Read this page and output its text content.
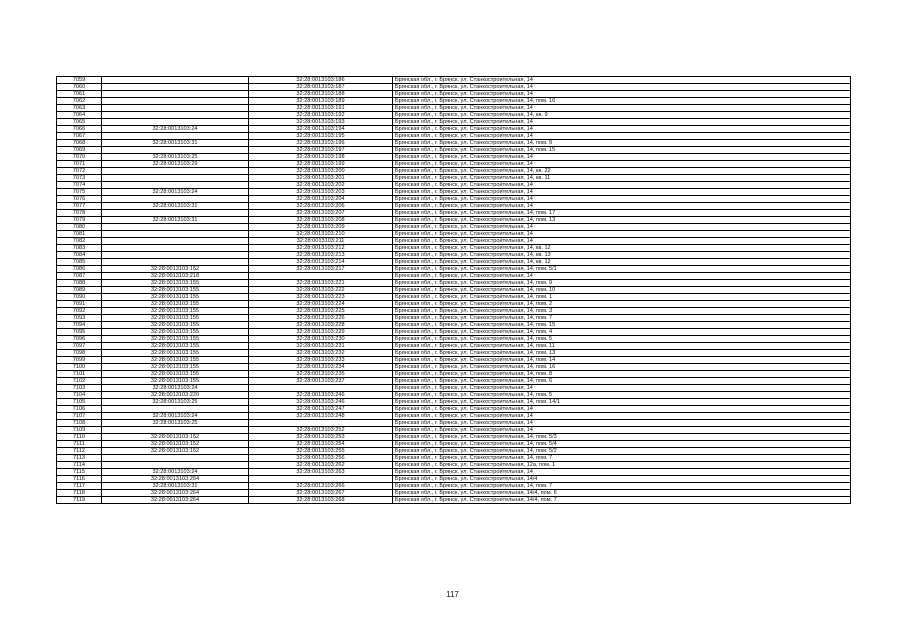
7059		32:28:0013103:186	Брянская обл., г. Брянск, ул. Станкостроительная, 14
7060		32:28:0013103:187	Брянская обл., г. Брянск, ул. Станкостроительная, 14
7061		32:28:0013103:188	Брянская обл., г. Брянск, ул. Станкостроительная, 14
7062		32:28:0013103:189	Брянская обл., г. Брянск, ул. Станкостроительная, 14, пом. 16
7063		32:28:0013103:191	Брянская обл., г. Брянск, ул. Станкостроительная, 14
7064		32:28:0013103:192	Брянская обл., г. Брянск, ул. Станкостроительная, 14, кв. 9
7065		32:28:0013103:193	Брянская обл., г. Брянск, ул. Станкостроительная, 14
7066	32:28:0013103:24	32:28:0013103:194	Брянская обл., г. Брянск, ул. Станкостроительная, 14
7067		32:28:0013103:195	Брянская обл., г. Брянск, ул. Станкостроительная, 14
7068	32:28:0013103:31	32:28:0013103:196	Брянская обл., г. Брянск, ул. Станкостроительная, 14, пом. 9
7069		32:28:0013103:197	Брянская обл., г. Брянск, ул. Станкостроительная, 14, пом. 15
7070	32:28:0013103:25	32:28:0013103:198	Брянская обл., г. Брянск, ул. Станкостроительная, 14
7071	32:28:0013103:29	32:28:0013103:199	Брянская обл., г. Брянск, ул. Станкостроительная, 14
7072		32:28:0013103:200	Брянская обл., г. Брянск, ул. Станкостроительная, 14, кв. 22
7073		32:28:0013103:201	Брянская обл., г. Брянск, ул. Станкостроительная, 14, кв. 11
7074		32:28:0013103:202	Брянская обл., г. Брянск, ул. Станкостроительная, 14
7075	32:28:0013103:24	32:28:0013103:203	Брянская обл., г. Брянск, ул. Станкостроительная, 14
7076		32:28:0013103:204	Брянская обл., г. Брянск, ул. Станкостроительная, 14
7077	32:28:0013103:31	32:28:0013103:206	Брянская обл., г. Брянск, ул. Станкостроительная, 14
7078		32:28:0013103:207	Брянская обл., г. Брянск, ул. Станкостроительная, 14, пом. 17
7079	32:28:0013103:31	32:28:0013103:208	Брянская обл., г. Брянск, ул. Станкостроительная, 14, пом. 13
7080		32:28:0013103:209	Брянская обл., г. Брянск, ул. Станкостроительная, 14
7081		32:28:0013103:210	Брянская обл., г. Брянск, ул. Станкостроительная, 14
7082		32:28:0013103:211	Брянская обл., г. Брянск, ул. Станкостроительная, 14
7083		32:28:0013103:212	Брянская обл., г. Брянск, ул. Станкостроительная, 14, кв. 12
7084		32:28:0013103:213	Брянская обл., г. Брянск, ул. Станкостроительная, 14, кв. 13
7085		32:28:0013103:214	Брянская обл., г. Брянск, ул. Станкостроительная, 14, кв. 12
7086	32:28:0013103:152	32:28:0013103:217	Брянская обл., г. Брянск, ул. Станкостроительная, 14, пом. 5/1
7087	32:28:0013103:218		Брянская обл., г. Брянск, ул. Станкостроительная, 14
7088	32:28:0013103:155	32:28:0013103:221	Брянская обл., г. Брянск, ул. Станкостроительная, 14, пом. 9
7089	32:28:0013103:155	32:28:0013103:222	Брянская обл., г. Брянск, ул. Станкостроительная, 14, пом. 10
7090	32:28:0013103:155	32:28:0013103:223	Брянская обл., г. Брянск, ул. Станкостроительная, 14, пом. 1
7091	32:28:0013103:155	32:28:0013103:224	Брянская обл., г. Брянск, ул. Станкостроительная, 14, пом. 2
7092	32:28:0013103:155	32:28:0013103:225	Брянская обл., г. Брянск, ул. Станкостроительная, 14, пом. 3
7093	32:28:0013103:155	32:28:0013103:226	Брянская обл., г. Брянск, ул. Станкостроительная, 14, пом. 7
7094	32:28:0013103:155	32:28:0013103:228	Брянская обл., г. Брянск, ул. Станкостроительная, 14, пом. 15
7095	32:28:0013103:155	32:28:0013103:229	Брянская обл., г. Брянск, ул. Станкостроительная, 14, пом. 4
7096	32:28:0013103:155	32:28:0013103:230	Брянская обл., г. Брянск, ул. Станкостроительная, 14, пом. 5
7097	32:28:0013103:155	32:28:0013103:231	Брянская обл., г. Брянск, ул. Станкостроительная, 14, пом. 11
7098	32:28:0013103:155	32:28:0013103:232	Брянская обл., г. Брянск, ул. Станкостроительная, 14, пом. 13
7099	32:28:0013103:155	32:28:0013103:233	Брянская обл., г. Брянск, ул. Станкостроительная, 14, пом. 14
7100	32:28:0013103:155	32:28:0013103:234	Брянская обл., г. Брянск, ул. Станкостроительная, 14, пом. 16
7101	32:28:0013103:155	32:28:0013103:235	Брянская обл., г. Брянск, ул. Станкостроительная, 14, пом. 8
7102	32:28:0013103:155	32:28:0013103:237	Брянская обл., г. Брянск, ул. Станкостроительная, 14, пом. 6
7103	32:28:0013103:24		Брянская обл., г. Брянск, ул. Станкостроительная, 14
7104	32:28:0013103:220	32:28:0013103:246	Брянская обл., г. Брянск, ул. Станкостроительная, 14, пом. 5
7105	32:28:0013103:25	32:28:0013103:246	Брянская обл., г. Брянск, ул. Станкостроительная, 14, пом. 14/1
7106		32:28:0013103:247	Брянская обл., г. Брянск, ул. Станкостроительная, 14
7107	32:28:0013103:24	32:28:0013103:248	Брянская обл., г. Брянск, ул. Станкостроительная, 14
7108	32:28:0013103:25		Брянская обл., г. Брянск, ул. Станкостроительная, 14
7109		32:28:0013103:252	Брянская обл., г. Брянск, ул. Станкостроительная, 14
7110	32:28:0013103:152	32:28:0013103:253	Брянская обл., г. Брянск, ул. Станкостроительная, 14, пом. 5/3
7111	32:28:0013103:152	32:28:0013103:254	Брянская обл., г. Брянск, ул. Станкостроительная, 14, пом. 5/4
7112	32:28:0013103:152	32:28:0013103:255	Брянская обл., г. Брянск, ул. Станкостроительная, 14, пом. 5/2
7113		32:28:0013103:256	Брянская обл., г. Брянск, ул. Станкостроительная, 14, пом. 7
7114		32:28:0013103:262	Брянская обл., г. Брянск, ул. Станкостроительная, 12а, пом. 1
7115	32:28:0013103:24	32:28:0013103:263	Брянская обл., г. Брянск, ул. Станкостроительная, 14
7116	32:28:0013103:264		Брянская обл., г. Брянск, ул. Станкостроительная, 14/4
7117	32:28:0013103:31	32:28:0013103:266	Брянская обл., г. Брянск, ул. Станкостроительная, 14, пом. 7
7118	32:28:0013103:264	32:28:0013103:267	Брянская обл., г. Брянск, ул. Станкостроительная, 14/4, пом. 6
7119	32:28:0013103:264	32:28:0013103:268	Брянская обл., г. Брянск, ул. Станкостроительная, 14/4, пом. 7
117
